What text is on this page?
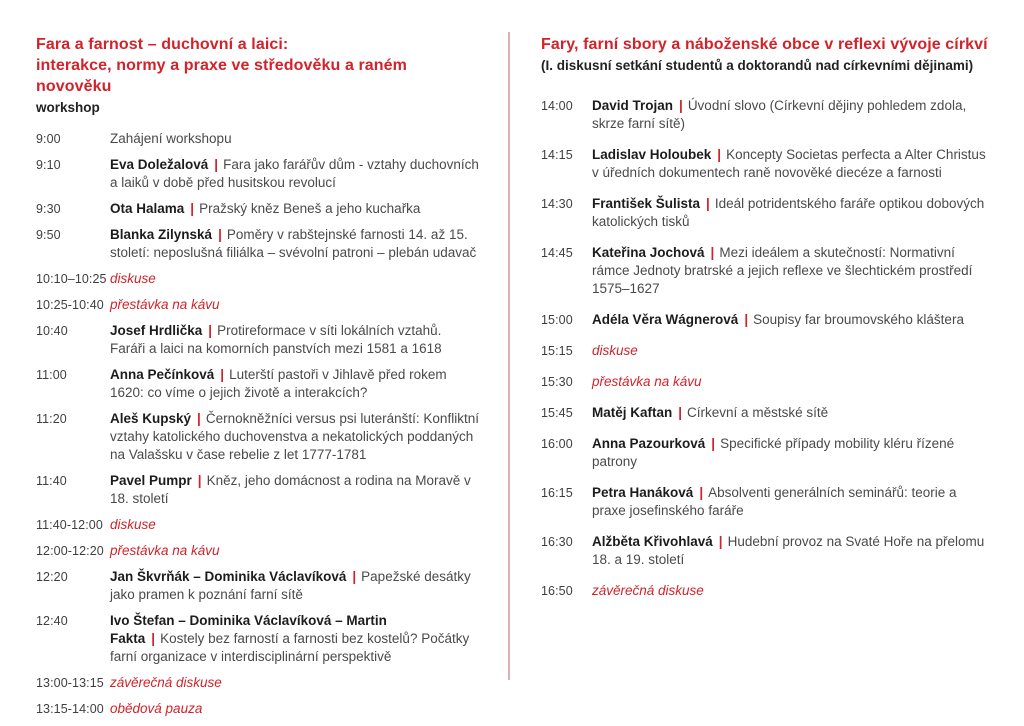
Fara a farnost – duchovní a laici:
interakce, normy a praxe ve středověku a raném novověku
workshop
9:00	Zahájení workshopu
9:10	Eva Doležalová | Fara jako farářův dům - vztahy duchovních a laiků v době před husitskou revolucí
9:30	Ota Halama | Pražský kněz Beneš a jeho kuchařka
9:50	Blanka Zilynská | Poměry v rabštejnské farnosti 14. až 15. století: neposlušná filiálka – svévolní patroni – plebán udavač
10:10–10:25 diskuse
10:25-10:40 přestávka na kávu
10:40	Josef Hrdlička | Protireformace v síti lokálních vztahů. Faráři a laici na komorních panstvích mezi 1581 a 1618
11:00	Anna Pečínková | Luterští pastoři v Jihlavě před rokem 1620: co víme o jejich životě a interakcích?
11:20	Aleš Kupský | Černokněžníci versus psi luteránští: Konfliktní vztahy katolického duchovenstva a nekatolických poddaných na Valašsku v čase rebelie z let 1777-1781
11:40	Pavel Pumpr | Kněz, jeho domácnost a rodina na Moravě v 18. století
11:40-12:00 diskuse
12:00-12:20 přestávka na kávu
12:20	Jan Škvrňák – Dominika Václavíková | Papežské desátky jako pramen k poznání farní sítě
12:40	Ivo Štefan – Dominika Václavíková – Martin Fakta | Kostely bez farností a farnosti bez kostelů? Počátky farní organizace v interdisciplinární perspektivě
13:00-13:15 závěrečná diskuse
13:15-14:00 obědová pauza
Fary, farní sbory a náboženské obce v reflexi vývoje církví
(I. diskusní setkání studentů a doktorandů nad církevními dějinami)
14:00	David Trojan | Úvodní slovo (Církevní dějiny pohledem zdola, skrze farní sítě)
14:15	Ladislav Holoubek | Koncepty Societas perfecta a Alter Christus v úředních dokumentech raně novověké diecéze a farnosti
14:30	František Šulista | Ideál potridentského faráře optikou dobových katolických tisků
14:45	Kateřina Jochová | Mezi ideálem a skutečností: Normativní rámce Jednoty bratrské a jejich reflexe ve šlechtickém prostředí 1575–1627
15:00	Adéla Věra Wágnerová | Soupisy far broumovského kláštera
15:15	diskuse
15:30	přestávka na kávu
15:45	Matěj Kaftan | Církevní a městské sítě
16:00	Anna Pazourková | Specifické případy mobility kléru řízené patrony
16:15	Petra Hanáková | Absolventi generálních seminářů: teorie a praxe josefinského faráře
16:30	Alžběta Křivohlavá | Hudební provoz na Svaté Hoře na přelomu 18. a 19. století
16:50	závěrečná diskuse
